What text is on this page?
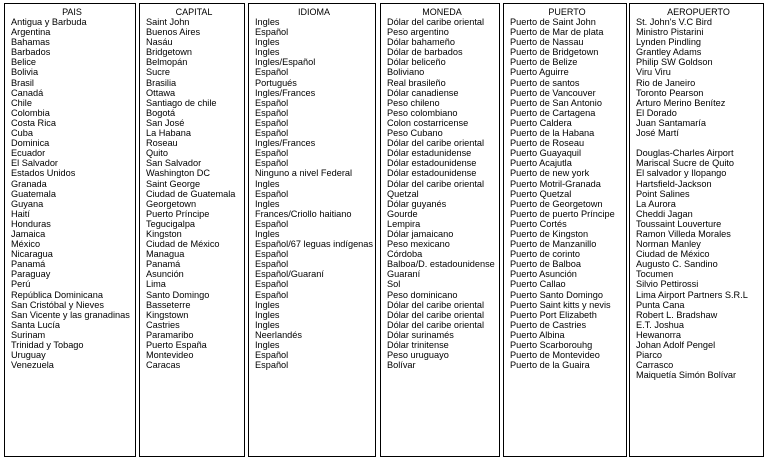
PAIS
Antigua y Barbuda
Argentina
Bahamas
Barbados
Belice
Bolivia
Brasil
Canadá
Chile
Colombia
Costa Rica
Cuba
Dominica
Ecuador
El Salvador
Estados Unidos
Granada
Guatemala
Guyana
Haití
Honduras
Jamaica
México
Nicaragua
Panamá
Paraguay
Perú
República Dominicana
San Cristóbal y Nieves
San Vicente y las granadinas
Santa Lucía
Surinam
Trinidad y Tobago
Uruguay
Venezuela
CAPITAL
Saint John
Buenos Aires
Nasáu
Bridgetown
Belmopán
Sucre
Brasilia
Ottawa
Santiago de chile
Bogotá
San José
La Habana
Roseau
Quito
San Salvador
Washington DC
Saint George
Ciudad de Guatemala
Georgetown
Puerto Príncipe
Tegucigalpa
Kingston
Ciudad de México
Managua
Panamá
Asunción
Lima
Santo Domingo
Basseterre
Kingstown
Castries
Paramaribo
Puerto España
Montevideo
Caracas
IDIOMA
Ingles
Español
Ingles
Ingles
Ingles/Español
Español
Portugués
Ingles/Frances
Español
Español
Español
Español
Ingles/Frances
Español
Español
Ninguno a nivel Federal
Ingles
Español
Ingles
Frances/Criollo haitiano
Español
Ingles
Español/67 leguas indígenas
Español
Español
Español/Guaraní
Español
Español
Ingles
Ingles
Ingles
Neerlandés
Ingles
Español
Español
MONEDA
Dólar del caribe oriental
Peso argentino
Dólar bahameño
Dólar de barbados
Dólar beliceño
Boliviano
Real brasileño
Dólar canadiense
Peso chileno
Peso colombiano
Colon costarricense
Peso Cubano
Dólar del caribe oriental
Dólar estadunidense
Dólar estadounidense
Dólar estadounidense
Dólar del caribe oriental
Quetzal
Dólar guyanés
Gourde
Lempira
Dólar jamaicano
Peso mexicano
Córdoba
Balboa/D. estadounidense
Guaraní
Sol
Peso dominicano
Dólar del caribe oriental
Dólar del caribe oriental
Dólar del caribe oriental
Dólar surinamés
Dólar trinitense
Peso uruguayo
Bolívar
PUERTO
Puerto de Saint John
Puerto de Mar de plata
Puerto de Nassau
Puerto de Bridgetown
Puerto de Belize
Puerto Aguirre
Puerto de santos
Puerto de Vancouver
Puerto de San Antonio
Puerto de Cartagena
Puerto Caldera
Puerto de la Habana
Puerto de Roseau
Puerto Guayaquil
Puerto Acajutla
Puerto de new york
Puerto Motril-Granada
Puerto Quetzal
Puerto de Georgetown
Puerto de puerto Príncipe
Puerto Cortés
Puerto de Kingston
Puerto de Manzanillo
Puerto de corinto
Puerto de Balboa
Puerto Asunción
Puerto Callao
Puerto Santo Domingo
Puerto Saint kitts y nevis
Puerto Port Elizabeth
Puerto de Castries
Puerto Albina
Puerto Scarborouhg
Puerto de Montevideo
Puerto de la Guaira
AEROPUERTO
St. John's V.C Bird
Ministro Pistarini
Lynden Pindling
Grantley Adams
Philip SW Goldson
Viru Viru
Rio de Janeiro
Toronto Pearson
Arturo Merino Benítez
El Dorado
Juan Santamaría
José Martí
Douglas-Charles Airport
Mariscal Sucre de Quito
El salvador y Ilopango
Hartsfield-Jackson
Point Salines
La Aurora
Cheddi Jagan
Toussaint Louverture
Ramon Villeda Morales
Norman Manley
Ciudad de México
Augusto C. Sandino
Tocumen
Silvio Pettirossi
Lima Airport Partners S.R.L
Punta Cana
Robert L. Bradshaw
E.T. Joshua
Hewanorra
Johan Adolf Pengel
Piarco
Carrasco
Maiquetía Simón Bolívar
